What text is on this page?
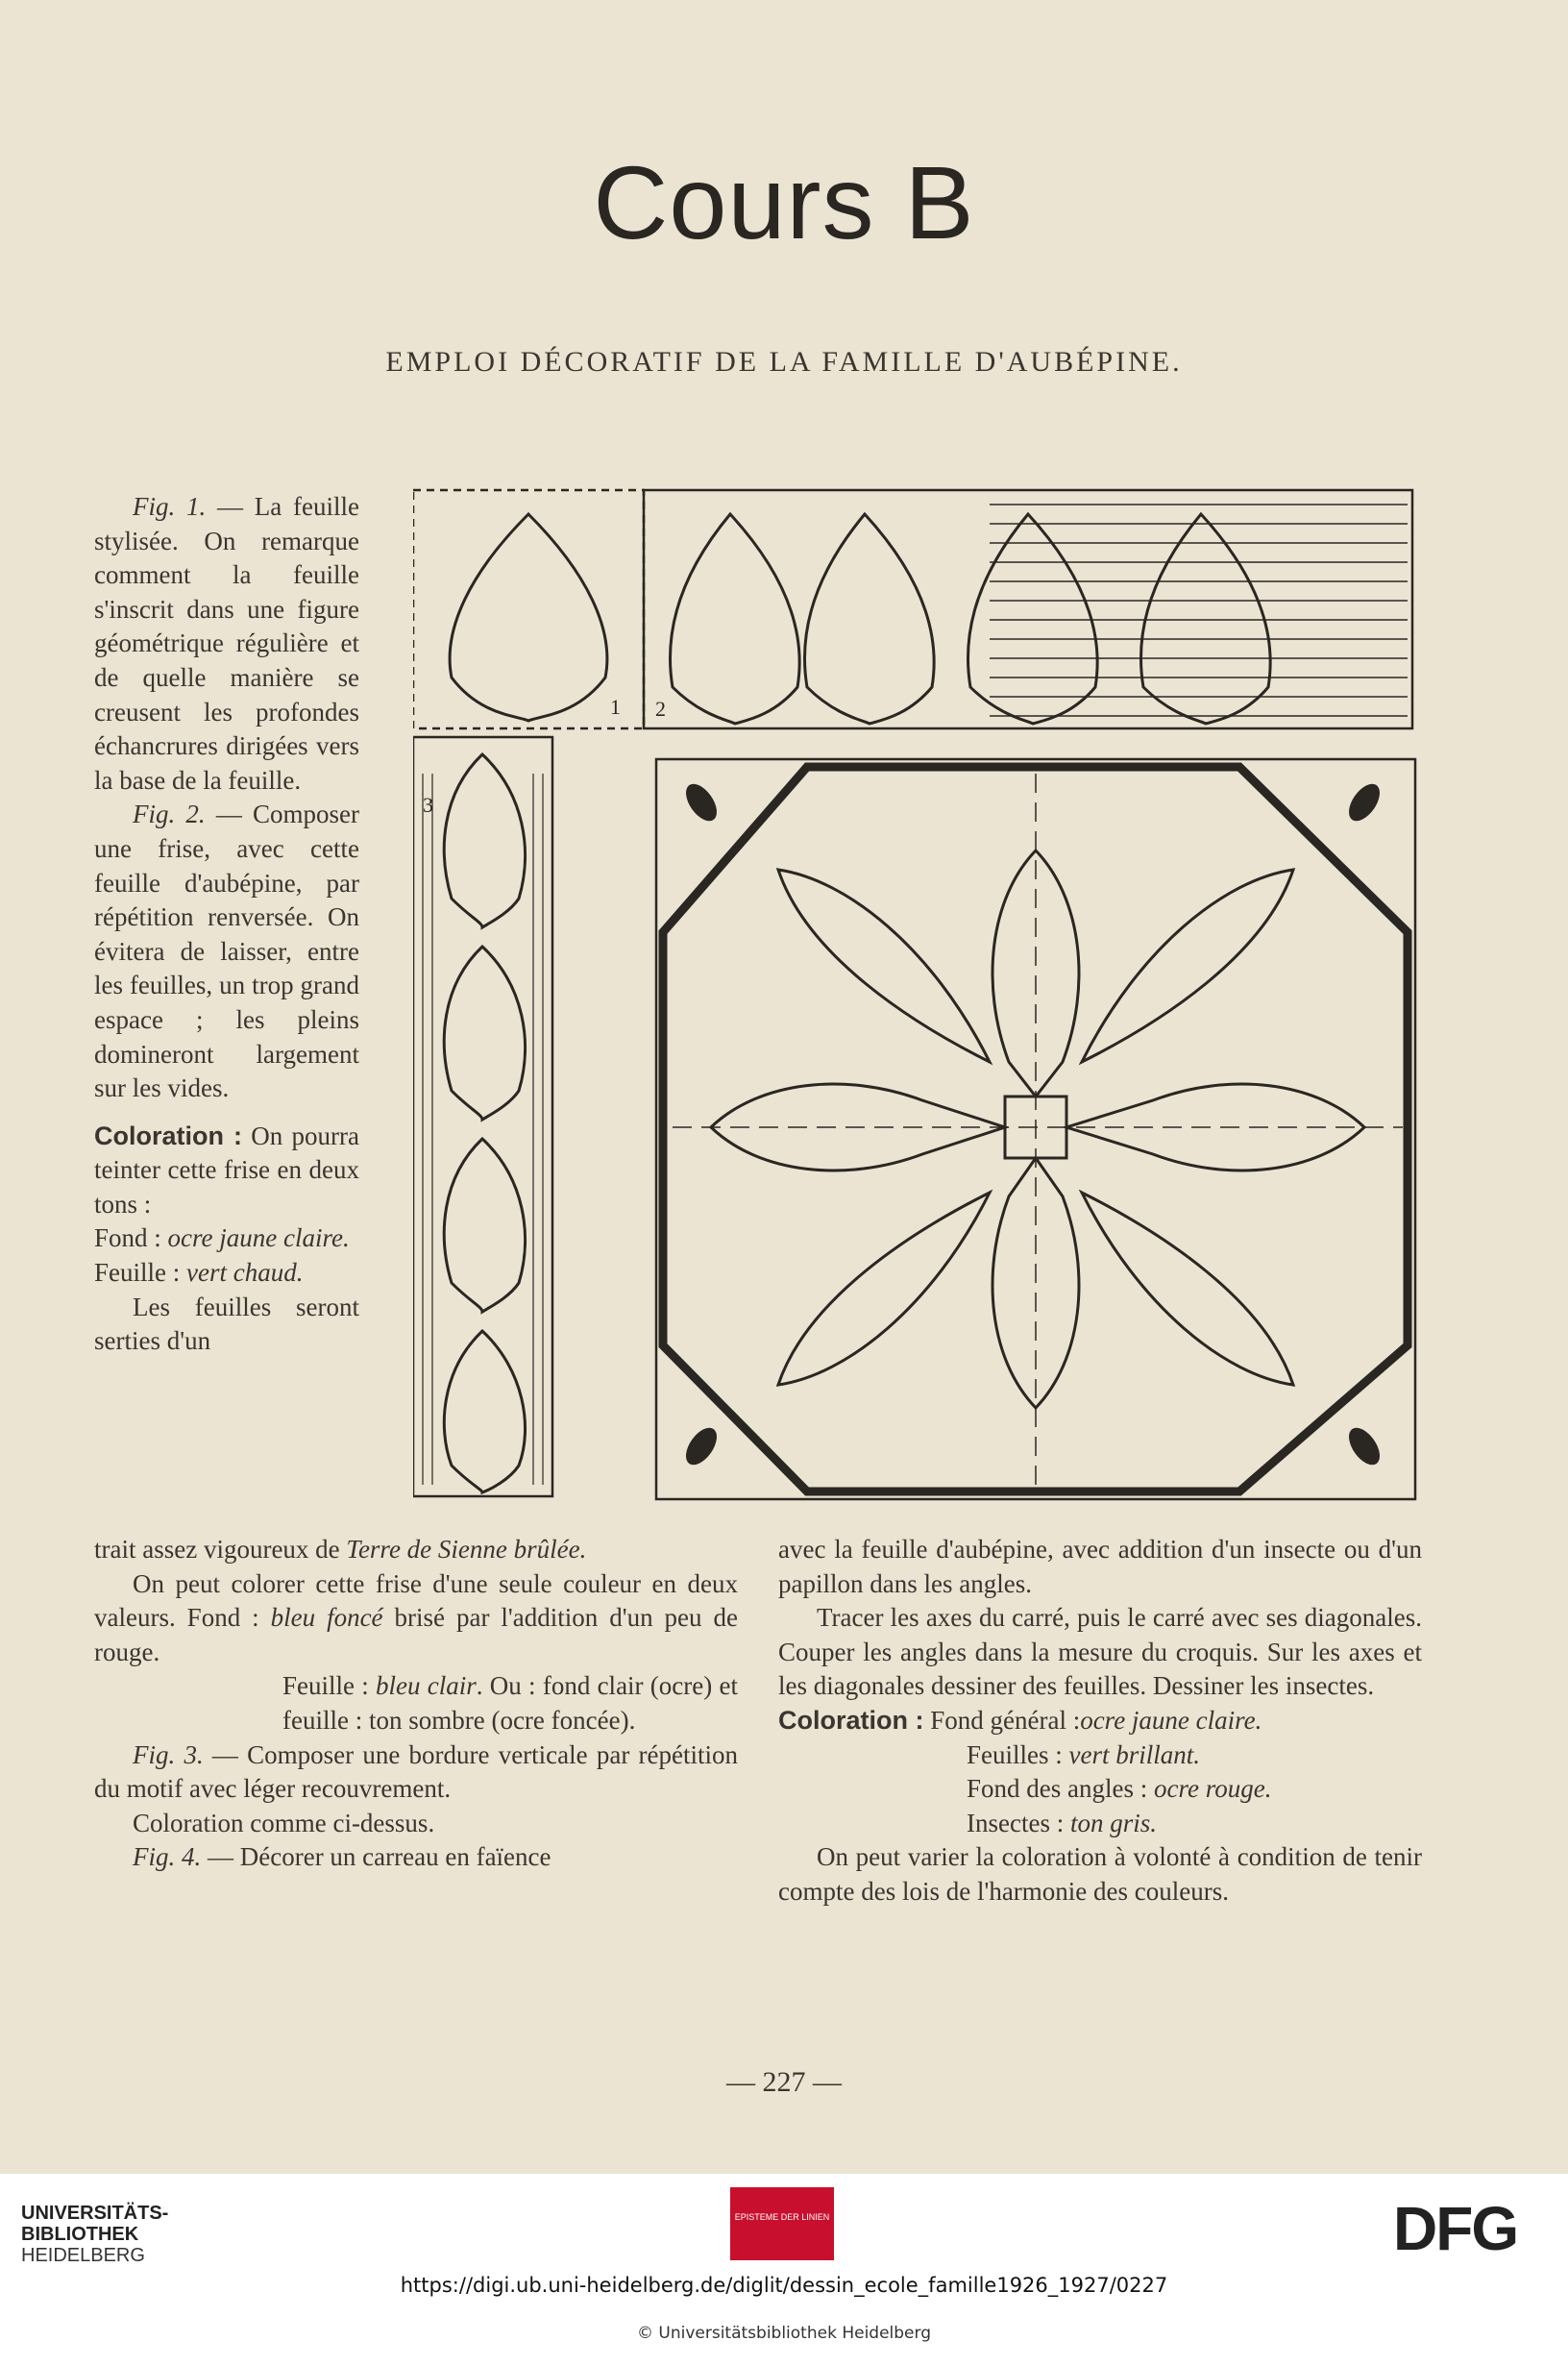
Cours B
EMPLOI DÉCORATIF DE LA FAMILLE D'AUBÉPINE.

Fig. 1. — La feuille stylisée. On remarque comment la feuille s'inscrit dans une figure géométrique régulière et de quelle manière se creusent les profondes échancrures dirigées vers la base de la feuille.

Fig. 2. — Composer une frise, avec cette feuille d'aubépine, par répétition renversée. On évitera de laisser, entre les feuilles, un trop grand espace ; les pleins domineront largement sur les vides.

Coloration : On pourra teinter cette frise en deux tons :

Fond : ocre jaune claire.

Feuille : vert chaud.

Les feuilles seront serties d'un

1 2
3

trait assez vigoureux de Terre de Sienne brûlée.

On peut colorer cette frise d'une seule couleur en deux valeurs. Fond : bleu foncé brisé par l'addition d'un peu de rouge.

Feuille : bleu clair. Ou : fond clair (ocre) et feuille : ton sombre (ocre foncée).

Fig. 3. — Composer une bordure verticale par répétition du motif avec léger recouvrement.

Coloration comme ci-dessus.

Fig. 4. — Décorer un carreau en faïence

avec la feuille d'aubépine, avec addition d'un insecte ou d'un papillon dans les angles.

Tracer les axes du carré, puis le carré avec ses diagonales. Couper les angles dans la mesure du croquis. Sur les axes et les diagonales dessiner des feuilles. Dessiner les insectes.

Coloration : Fond général :ocre jaune claire.

Feuilles : vert brillant.

Fond des angles : ocre rouge.

Insectes : ton gris.

On peut varier la coloration à volonté à condition de tenir compte des lois de l'harmonie des couleurs.

— 227 —
UNIVERSITÄTS-
BIBLIOTHEK
HEIDELBERG
EPISTEME DER LINIEN	DFG
https://digi.ub.uni-heidelberg.de/diglit/dessin_ecole_famille1926_1927/0227
© Universitätsbibliothek Heidelberg
